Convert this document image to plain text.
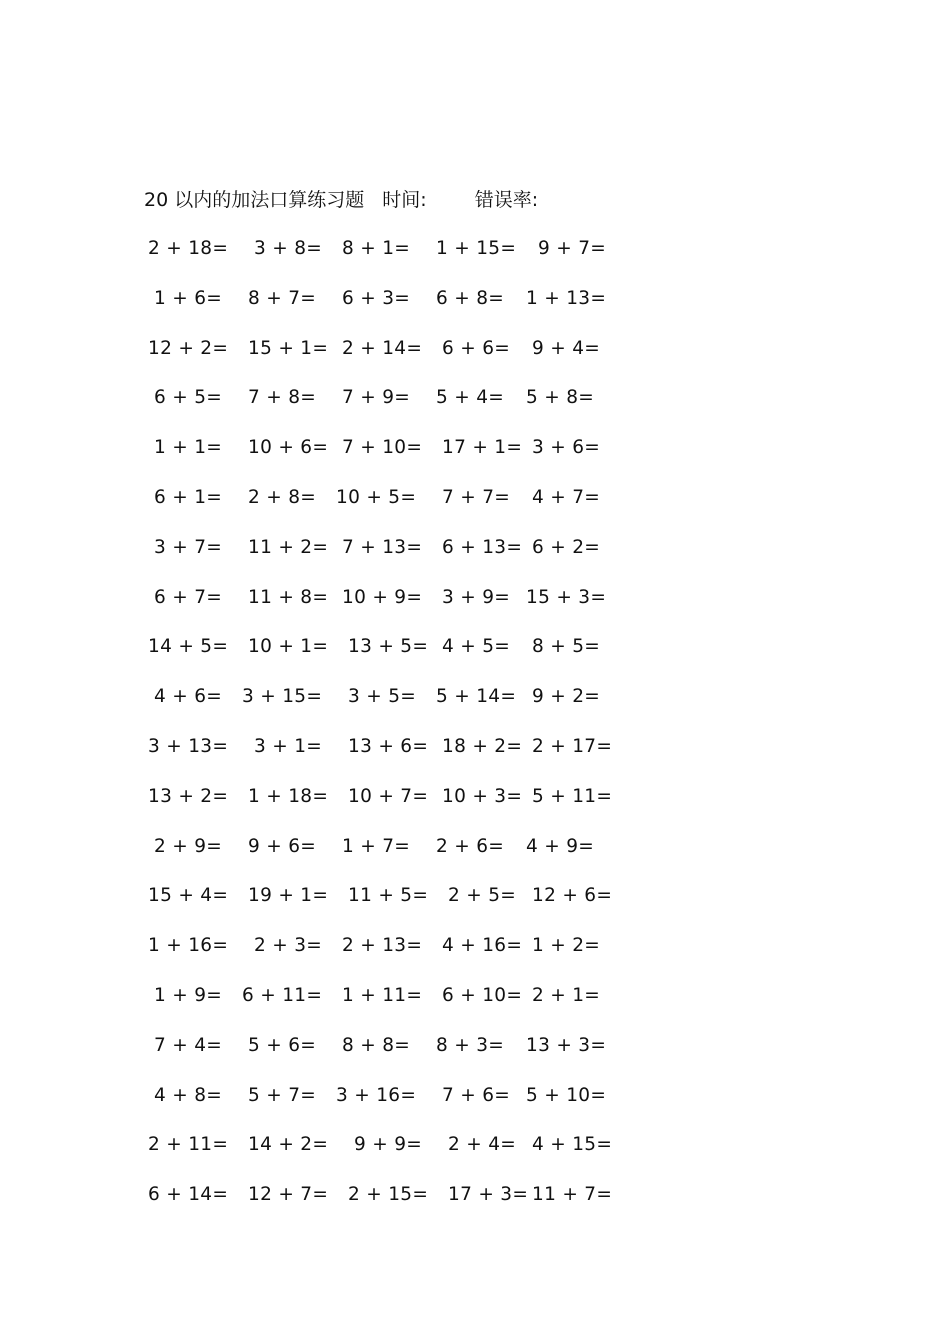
20 以内的加法口算练习题 时间:	错误率:
2 + 18= 3 + 8= 8 + 1= 1 + 15= 9 + 7=
1 + 6= 8 + 7= 6 + 3= 6 + 8= 1 + 13=
12 + 2= 15 + 1= 2 + 14= 6 + 6= 9 + 4=
6 + 5= 7 + 8= 7 + 9= 5 + 4= 5 + 8=
1 + 1= 10 + 6= 7 + 10= 17 + 1= 3 + 6=
6 + 1= 2 + 8= 10 + 5= 7 + 7= 4 + 7=
3 + 7= 11 + 2= 7 + 13= 6 + 13= 6 + 2=
6 + 7= 11 + 8= 10 + 9= 3 + 9= 15 + 3=
14 + 5= 10 + 1= 13 + 5= 4 + 5= 8 + 5=
4 + 6= 3 + 15= 3 + 5= 5 + 14= 9 + 2=
3 + 13= 3 + 1= 13 + 6= 18 + 2= 2 + 17=
13 + 2= 1 + 18= 10 + 7= 10 + 3= 5 + 11=
2 + 9= 9 + 6= 1 + 7= 2 + 6= 4 + 9=
15 + 4= 19 + 1= 11 + 5= 2 + 5= 12 + 6=
1 + 16= 2 + 3= 2 + 13= 4 + 16= 1 + 2=
1 + 9= 6 + 11= 1 + 11= 6 + 10= 2 + 1=
7 + 4= 5 + 6= 8 + 8= 8 + 3= 13 + 3=
4 + 8= 5 + 7= 3 + 16= 7 + 6= 5 + 10=
2 + 11= 14 + 2= 9 + 9= 2 + 4= 4 + 15=
6 + 14= 12 + 7= 2 + 15= 17 + 3= 11 + 7=
